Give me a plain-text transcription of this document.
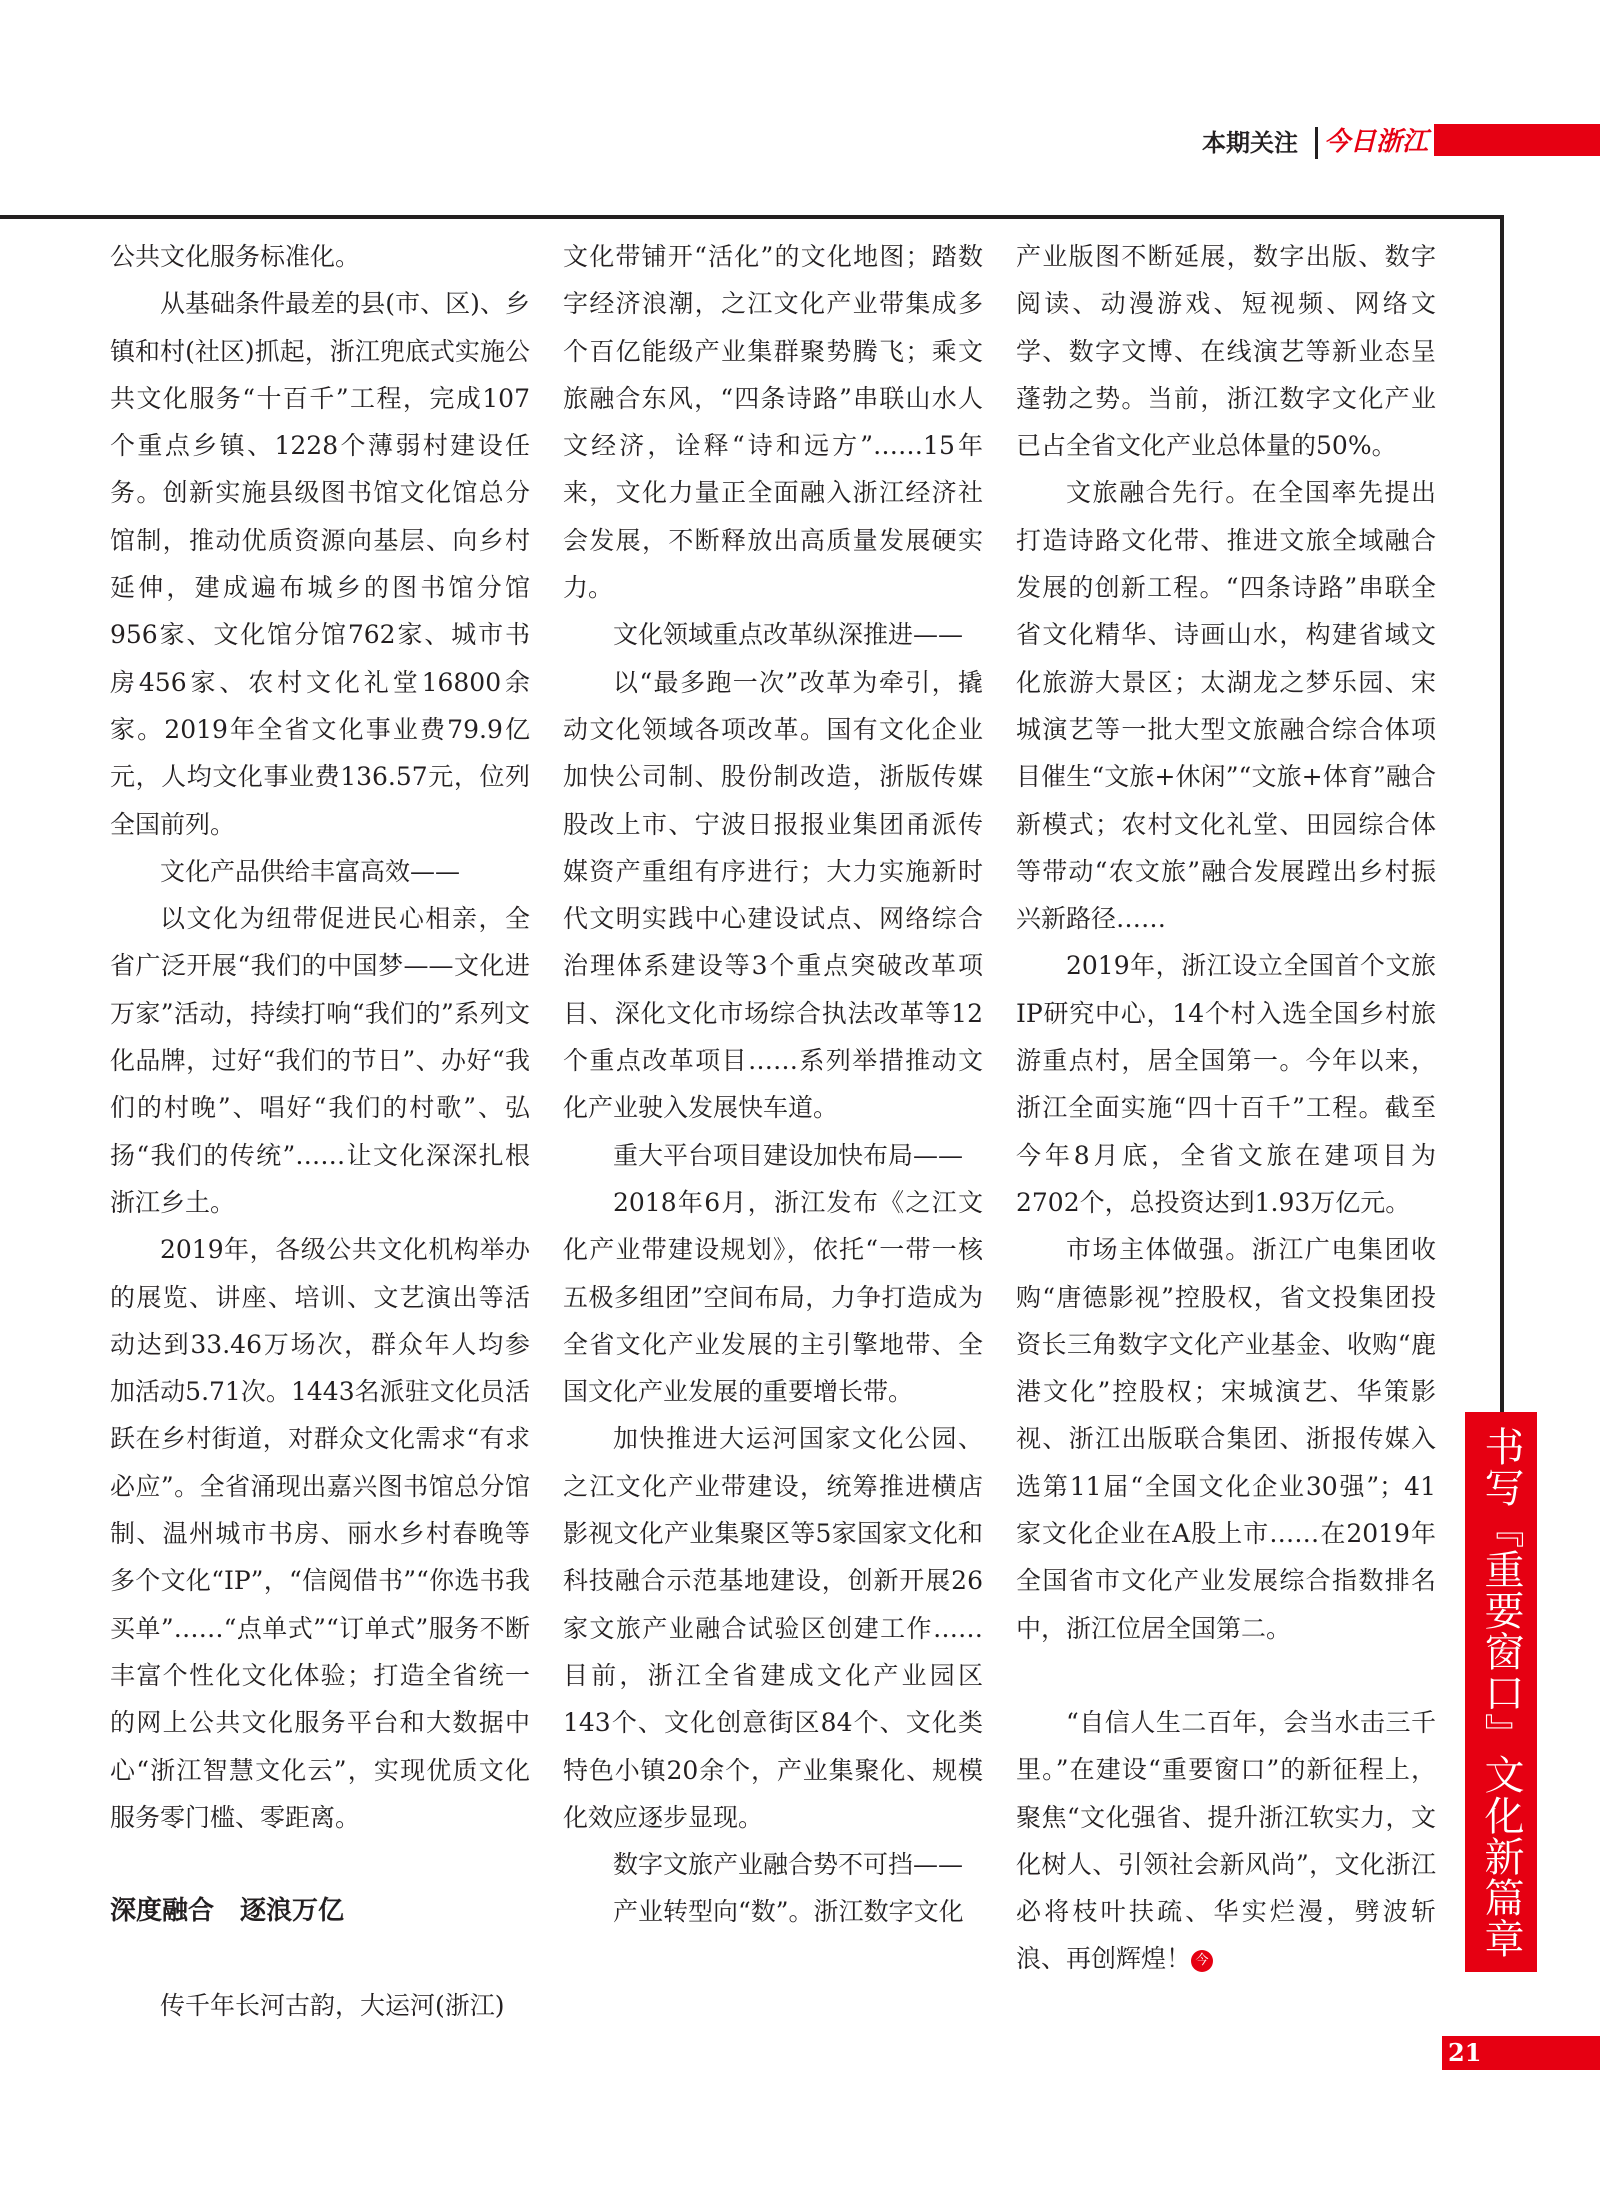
本期关注 今日浙江

公共文化服务标准化。

从基础条件最差的县(市、区)、乡镇和村(社区)抓起，浙江兜底式实施公共文化服务“十百千”工程，完成107个重点乡镇、1228个薄弱村建设任务。创新实施县级图书馆文化馆总分馆制，推动优质资源向基层、向乡村延伸，建成遍布城乡的图书馆分馆956家、文化馆分馆762家、城市书房456家、农村文化礼堂16800余家。2019年全省文化事业费79.9亿元，人均文化事业费136.57元，位列全国前列。

文化产品供给丰富高效——

以文化为纽带促进民心相亲，全省广泛开展“我们的中国梦——文化进万家”活动，持续打响“我们的”系列文化品牌，过好“我们的节日”、办好“我们的村晚”、唱好“我们的村歌”、弘扬“我们的传统”……让文化深深扎根浙江乡土。

2019年，各级公共文化机构举办的展览、讲座、培训、文艺演出等活动达到33.46万场次，群众年人均参加活动5.71次。1443名派驻文化员活跃在乡村街道，对群众文化需求“有求必应”。全省涌现出嘉兴图书馆总分馆制、温州城市书房、丽水乡村春晚等多个文化“IP”，“信阅借书”“你选书我买单”……“点单式”“订单式”服务不断丰富个性化文化体验；打造全省统一的网上公共文化服务平台和大数据中心“浙江智慧文化云”，实现优质文化服务零门槛、零距离。

深度融合　逐浪万亿

传千年长河古韵，大运河(浙江)

文化带铺开“活化”的文化地图；踏数字经济浪潮，之江文化产业带集成多个百亿能级产业集群聚势腾飞；乘文旅融合东风，“四条诗路”串联山水人文经济，诠释“诗和远方”……15年来，文化力量正全面融入浙江经济社会发展，不断释放出高质量发展硬实力。

文化领域重点改革纵深推进——

以“最多跑一次”改革为牵引，撬动文化领域各项改革。国有文化企业加快公司制、股份制改造，浙版传媒股改上市、宁波日报报业集团甬派传媒资产重组有序进行；大力实施新时代文明实践中心建设试点、网络综合治理体系建设等3个重点突破改革项目、深化文化市场综合执法改革等12个重点改革项目……系列举措推动文化产业驶入发展快车道。

重大平台项目建设加快布局——

2018年6月，浙江发布《之江文化产业带建设规划》，依托“一带一核五极多组团”空间布局，力争打造成为全省文化产业发展的主引擎地带、全国文化产业发展的重要增长带。

加快推进大运河国家文化公园、之江文化产业带建设，统筹推进横店影视文化产业集聚区等5家国家文化和科技融合示范基地建设，创新开展26家文旅产业融合试验区创建工作……目前，浙江全省建成文化产业园区143个、文化创意街区84个、文化类特色小镇20余个，产业集聚化、规模化效应逐步显现。

数字文旅产业融合势不可挡——

产业转型向“数”。浙江数字文化

产业版图不断延展，数字出版、数字阅读、动漫游戏、短视频、网络文学、数字文博、在线演艺等新业态呈蓬勃之势。当前，浙江数字文化产业已占全省文化产业总体量的50%。

文旅融合先行。在全国率先提出打造诗路文化带、推进文旅全域融合发展的创新工程。“四条诗路”串联全省文化精华、诗画山水，构建省域文化旅游大景区；太湖龙之梦乐园、宋城演艺等一批大型文旅融合综合体项目催生“文旅+休闲”“文旅+体育”融合新模式；农村文化礼堂、田园综合体等带动“农文旅”融合发展蹚出乡村振兴新路径……

2019年，浙江设立全国首个文旅IP研究中心，14个村入选全国乡村旅游重点村，居全国第一。今年以来，浙江全面实施“四十百千”工程。截至今年8月底，全省文旅在建项目为2702个，总投资达到1.93万亿元。

市场主体做强。浙江广电集团收购“唐德影视”控股权，省文投集团投资长三角数字文化产业基金、收购“鹿港文化”控股权；宋城演艺、华策影视、浙江出版联合集团、浙报传媒入选第11届“全国文化企业30强”；41家文化企业在A股上市……在2019年全国省市文化产业发展综合指数排名中，浙江位居全国第二。

“自信人生二百年，会当水击三千里。”在建设“重要窗口”的新征程上，聚焦“文化强省、提升浙江软实力，文化树人、引领社会新风尚”，文化浙江必将枝叶扶疏、华实烂漫，劈波斩浪、再创辉煌！ 今

书写『重要窗口』文化新篇章
21
